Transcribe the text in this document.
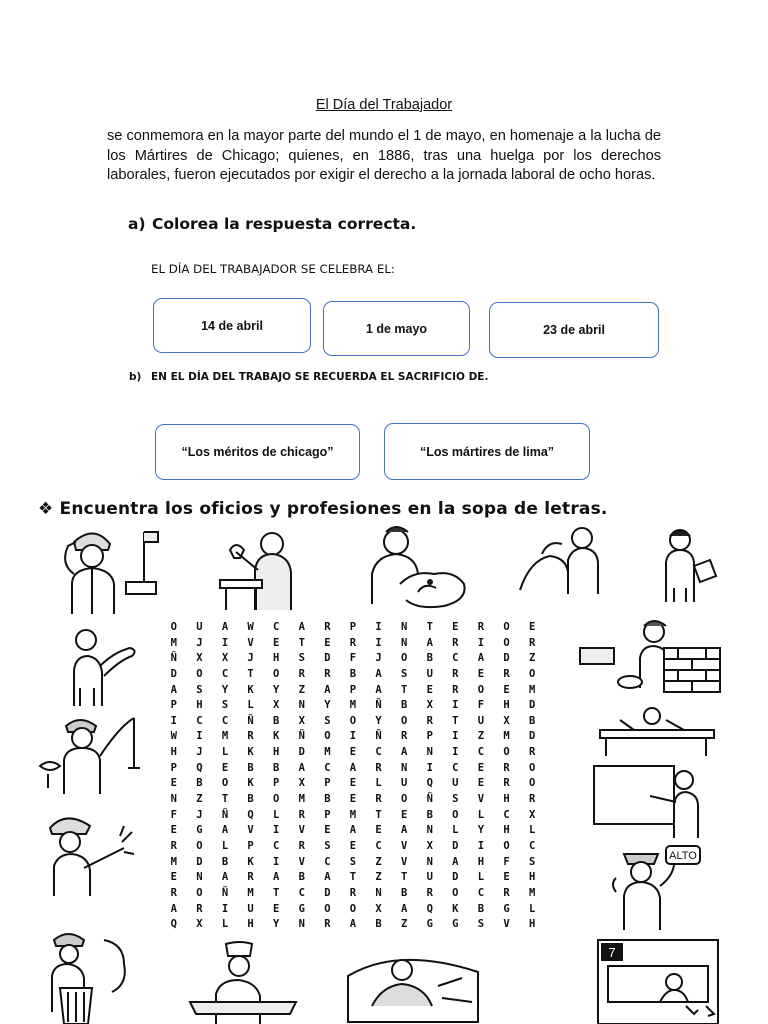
El Día del Trabajador
se conmemora en la mayor parte del mundo el 1 de mayo, en homenaje a la lucha de los Mártires de Chicago; quienes, en 1886, tras una huelga por los derechos laborales, fueron ejecutados por exigir el derecho a la jornada laboral de ocho horas.
a) Colorea la respuesta correcta.
EL DÍA DEL TRABAJADOR SE CELEBRA EL:
14 de abril	1 de mayo	23 de abril
b) EN EL DÍA DEL TRABAJO SE RECUERDA EL SACRIFICIO DE.
“Los méritos de chicago”	“Los mártires de lima”
❖ Encuentra los oficios y profesiones en la sopa de letras.
O	U	A	W	C	A	R	P	I	N	T	E	R	O	E
M	J	I	V	E	T	E	R	I	N	A	R	I	O	R
Ñ	X	X	J	H	S	D	F	J	O	B	C	A	D	Z
D	O	C	T	O	R	R	B	A	S	U	R	E	R	O
A	S	Y	K	Y	Z	A	P	A	T	E	R	O	E	M
P	H	S	L	X	N	Y	M	Ñ	B	X	I	F	H	D
I	C	C	Ñ	B	X	S	O	Y	O	R	T	U	X	B
W	I	M	R	K	Ñ	O	I	Ñ	R	P	I	Z	M	D
H	J	L	K	H	D	M	E	C	A	N	I	C	O	R
P	Q	E	B	B	A	C	A	R	N	I	C	E	R	O
E	B	O	K	P	X	P	E	L	U	Q	U	E	R	O
N	Z	T	B	O	M	B	E	R	O	Ñ	S	V	H	R
F	J	Ñ	Q	L	R	P	M	T	E	B	O	L	C	X
E	G	A	V	I	V	E	A	E	A	N	L	Y	H	L
R	O	L	P	C	R	S	E	C	V	X	D	I	O	C
M	D	B	K	I	V	C	S	Z	V	N	A	H	F	S
E	N	A	R	A	B	A	T	Z	T	U	D	L	E	H
R	O	Ñ	M	T	C	D	R	N	B	R	O	C	R	M
A	R	I	U	E	G	O	O	X	A	Q	K	B	G	L
Q	X	L	H	Y	N	R	A	B	Z	G	G	S	V	H
ALTO
7
